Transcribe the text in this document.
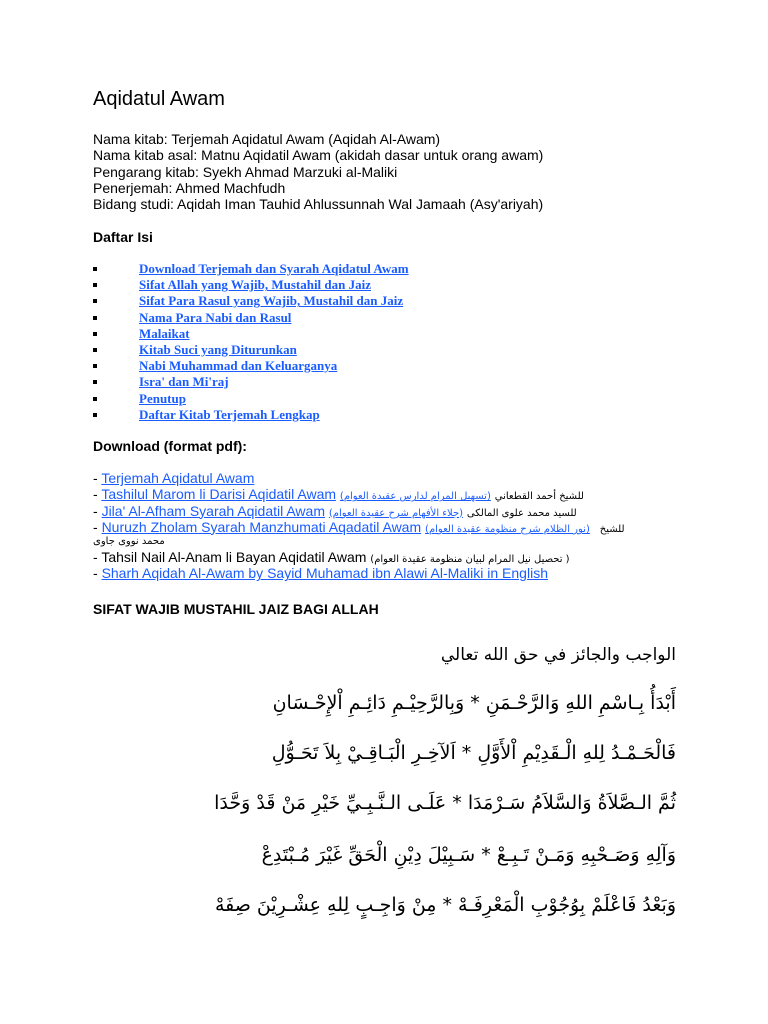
Aqidatul Awam
Nama kitab: Terjemah Aqidatul Awam (Aqidah Al-Awam)
Nama kitab asal: Matnu Aqidatil Awam (akidah dasar untuk orang awam)
Pengarang kitab: Syekh Ahmad Marzuki al-Maliki
Penerjemah: Ahmed Machfudh
Bidang studi: Aqidah Iman Tauhid Ahlussunnah Wal Jamaah (Asy'ariyah)
Daftar Isi
Download Terjemah dan Syarah Aqidatul Awam
Sifat Allah yang Wajib, Mustahil dan Jaiz
Sifat Para Rasul yang Wajib, Mustahil dan Jaiz
Nama Para Nabi dan Rasul
Malaikat
Kitab Suci yang Diturunkan
Nabi Muhammad dan Keluarganya
Isra' dan Mi'raj
Penutup
Daftar Kitab Terjemah Lengkap
Download (format pdf):
- Terjemah Aqidatul Awam
- Tashilul Marom li Darisi Aqidatil Awam (تسهيل المرام لدارس عقيدة العوام) للشيخ أحمد القطعاني
- Jila' Al-Afham Syarah Aqidatil Awam (جلاء الأفهام شرح عقيدة العوام) للسيد محمد علوى المالكى
- Nuruzh Zholam Syarah Manzhumati Aqadatil Awam (نور الظلام شرح منظومة عقيدة العوام) للشيخ
محمد نووى جاوى
- Tahsil Nail Al-Anam li Bayan Aqidatil Awam (تحصيل نيل المرام لبيان منظومة عقيدة العوام )
- Sharh Aqidah Al-Awam by Sayid Muhamad ibn Alawi Al-Maliki in English
SIFAT WAJIB MUSTAHIL JAIZ BAGI ALLAH
الواجب والجائز في حق الله تعالي
أَبْدَأُ بِـاسْمِ اللهِ وَالرَّحْـمَنِ * وَبِالرَّحِيْـمِ دَائِـمِ اْلإِحْـسَانِ
فَالْحَـمْـدُ لِلهِ الْـقَدِيْمِ اْلأَوَّلِ * اَلآخِـرِ الْبَـاقِـيْ بِلاَ تَحَـوُّلِ
ثُمَّ الـصَّلاَةُ وَالسَّلاَمُ سَـرْمَدَا * عَلَـى الـنَّـبِـيِّ خَيْرِ مَنْ قَدْ وَحَّدَا
وَآلِهِ وَصَـحْبِهِ وَمَـنْ تَـبِـعْ * سَـبِيْلَ دِيْنِ الْحَقِّ غَيْرَ مُـبْتَدِعْ
وَبَعْدُ فَاعْلَمْ بِوُجُوْبِ الْمَعْرِفَـهْ * مِنْ وَاجِـبٍ لِلهِ عِشْـرِيْنَ صِفَهْ
